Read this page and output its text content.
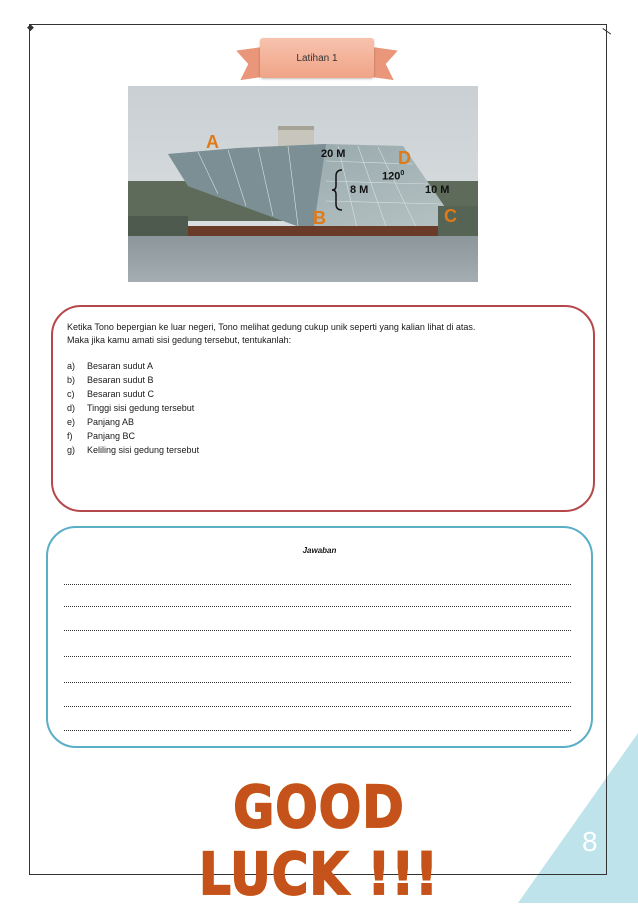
◆
Latihan 1
A
20 M	D
$120^0$
8 M	10 M
B	C

Ketika Tono bepergian ke luar negeri, Tono melihat gedung cukup unik seperti yang kalian lihat di atas.

Maka jika kamu amati sisi gedung tersebut, tentukanlah:

a)	Besaran sudut A
b)	Besaran sudut B
c)	Besaran sudut C
d)	Tinggi sisi gedung tersebut
e)	Panjang AB
f)	Panjang BC
g)	Keliling sisi gedung tersebut
Jawaban
GOOD LUCK !!!	8
